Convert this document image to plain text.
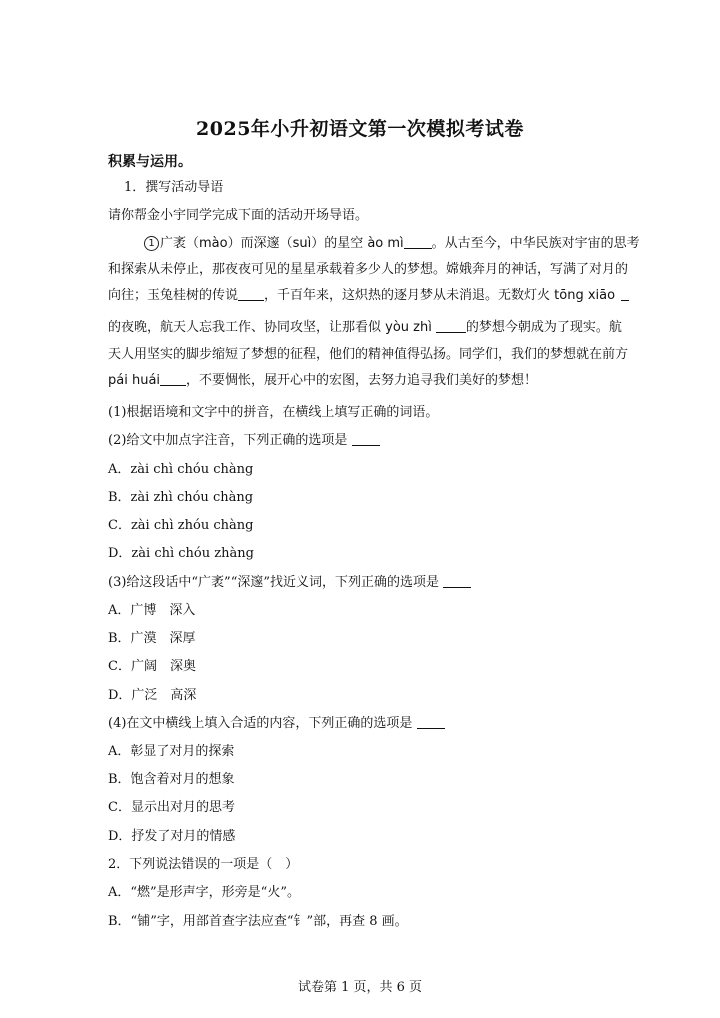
2025年小升初语文第一次模拟考试卷
积累与运用。
1．撰写活动导语
请你帮金小宇同学完成下面的活动开场导语。
1 广袤（mào）而深邃（suì）的星空 ào mì 。从古至今，中华民族对宇宙的思考
和探索从未停止，那夜夜可见的星星承载着多少人的梦想。嫦娥奔月的神话，写满了对月的
向往；玉兔桂树的传说 ，千百年来，这炽热的逐月梦从未消退。无数灯火 tōng xiāo
的夜晚，航天人忘我工作、协同攻坚，让那看似 yòu zhì	的梦想今朝成为了现实。航
天人用坚实的脚步缩短了梦想的征程，他们的精神值得弘扬。同学们，我们的梦想就在前方
pái huái ，不要惆怅，展开心中的宏图，去努力追寻我们美好的梦想！
(1)根据语境和文字中的拼音，在横线上填写正确的词语。
(2)给文中加点字注音，下列正确的选项是
A．zài chì chóu chàng
B．zài zhì chóu chàng
C．zài chì zhóu chàng
D．zài chì chóu zhàng
(3)给这段话中“广袤”“深邃”找近义词，下列正确的选项是
A．广博　深入
B．广漠　深厚
C．广阔　深奥
D．广泛　高深
(4)在文中横线上填入合适的内容，下列正确的选项是
A．彰显了对月的探索
B．饱含着对月的想象
C．显示出对月的思考
D．抒发了对月的情感
2．下列说法错误的一项是（　）
A．“燃”是形声字，形旁是“火”。
B．“铺”字，用部首查字法应查“钅”部，再查 8 画。
试卷第 1 页，共 6 页
